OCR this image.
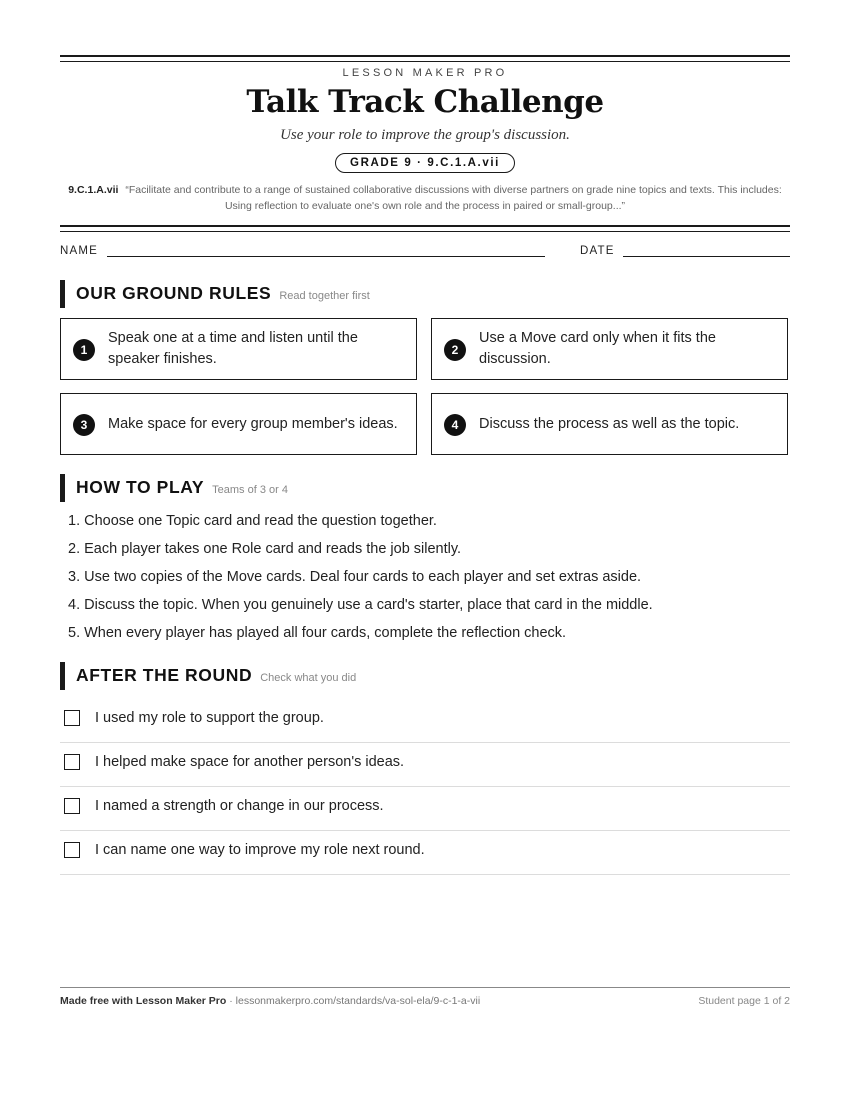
LESSON MAKER PRO
Talk Track Challenge
Use your role to improve the group's discussion.
GRADE 9 · 9.C.1.A.vii
9.C.1.A.vii “Facilitate and contribute to a range of sustained collaborative discussions with diverse partners on grade nine topics and texts. This includes: Using reflection to evaluate one's own role and the process in paired or small-group...”
NAME	DATE
OUR GROUND RULES Read together first
1
Speak one at a time and listen until the speaker finishes.
2
Use a Move card only when it fits the discussion.
3	Make space for every group member's ideas.	4	Discuss the process as well as the topic.
HOW TO PLAY Teams of 3 or 4
1. Choose one Topic card and read the question together.
2. Each player takes one Role card and reads the job silently.
3. Use two copies of the Move cards. Deal four cards to each player and set extras aside.
4. Discuss the topic. When you genuinely use a card's starter, place that card in the middle.
5. When every player has played all four cards, complete the reflection check.
AFTER THE ROUND Check what you did
I used my role to support the group.
I helped make space for another person's ideas.
I named a strength or change in our process.
I can name one way to improve my role next round.
Made free with Lesson Maker Pro · lessonmakerpro.com/standards/va-sol-ela/9-c-1-a-vii	Student page 1 of 2
